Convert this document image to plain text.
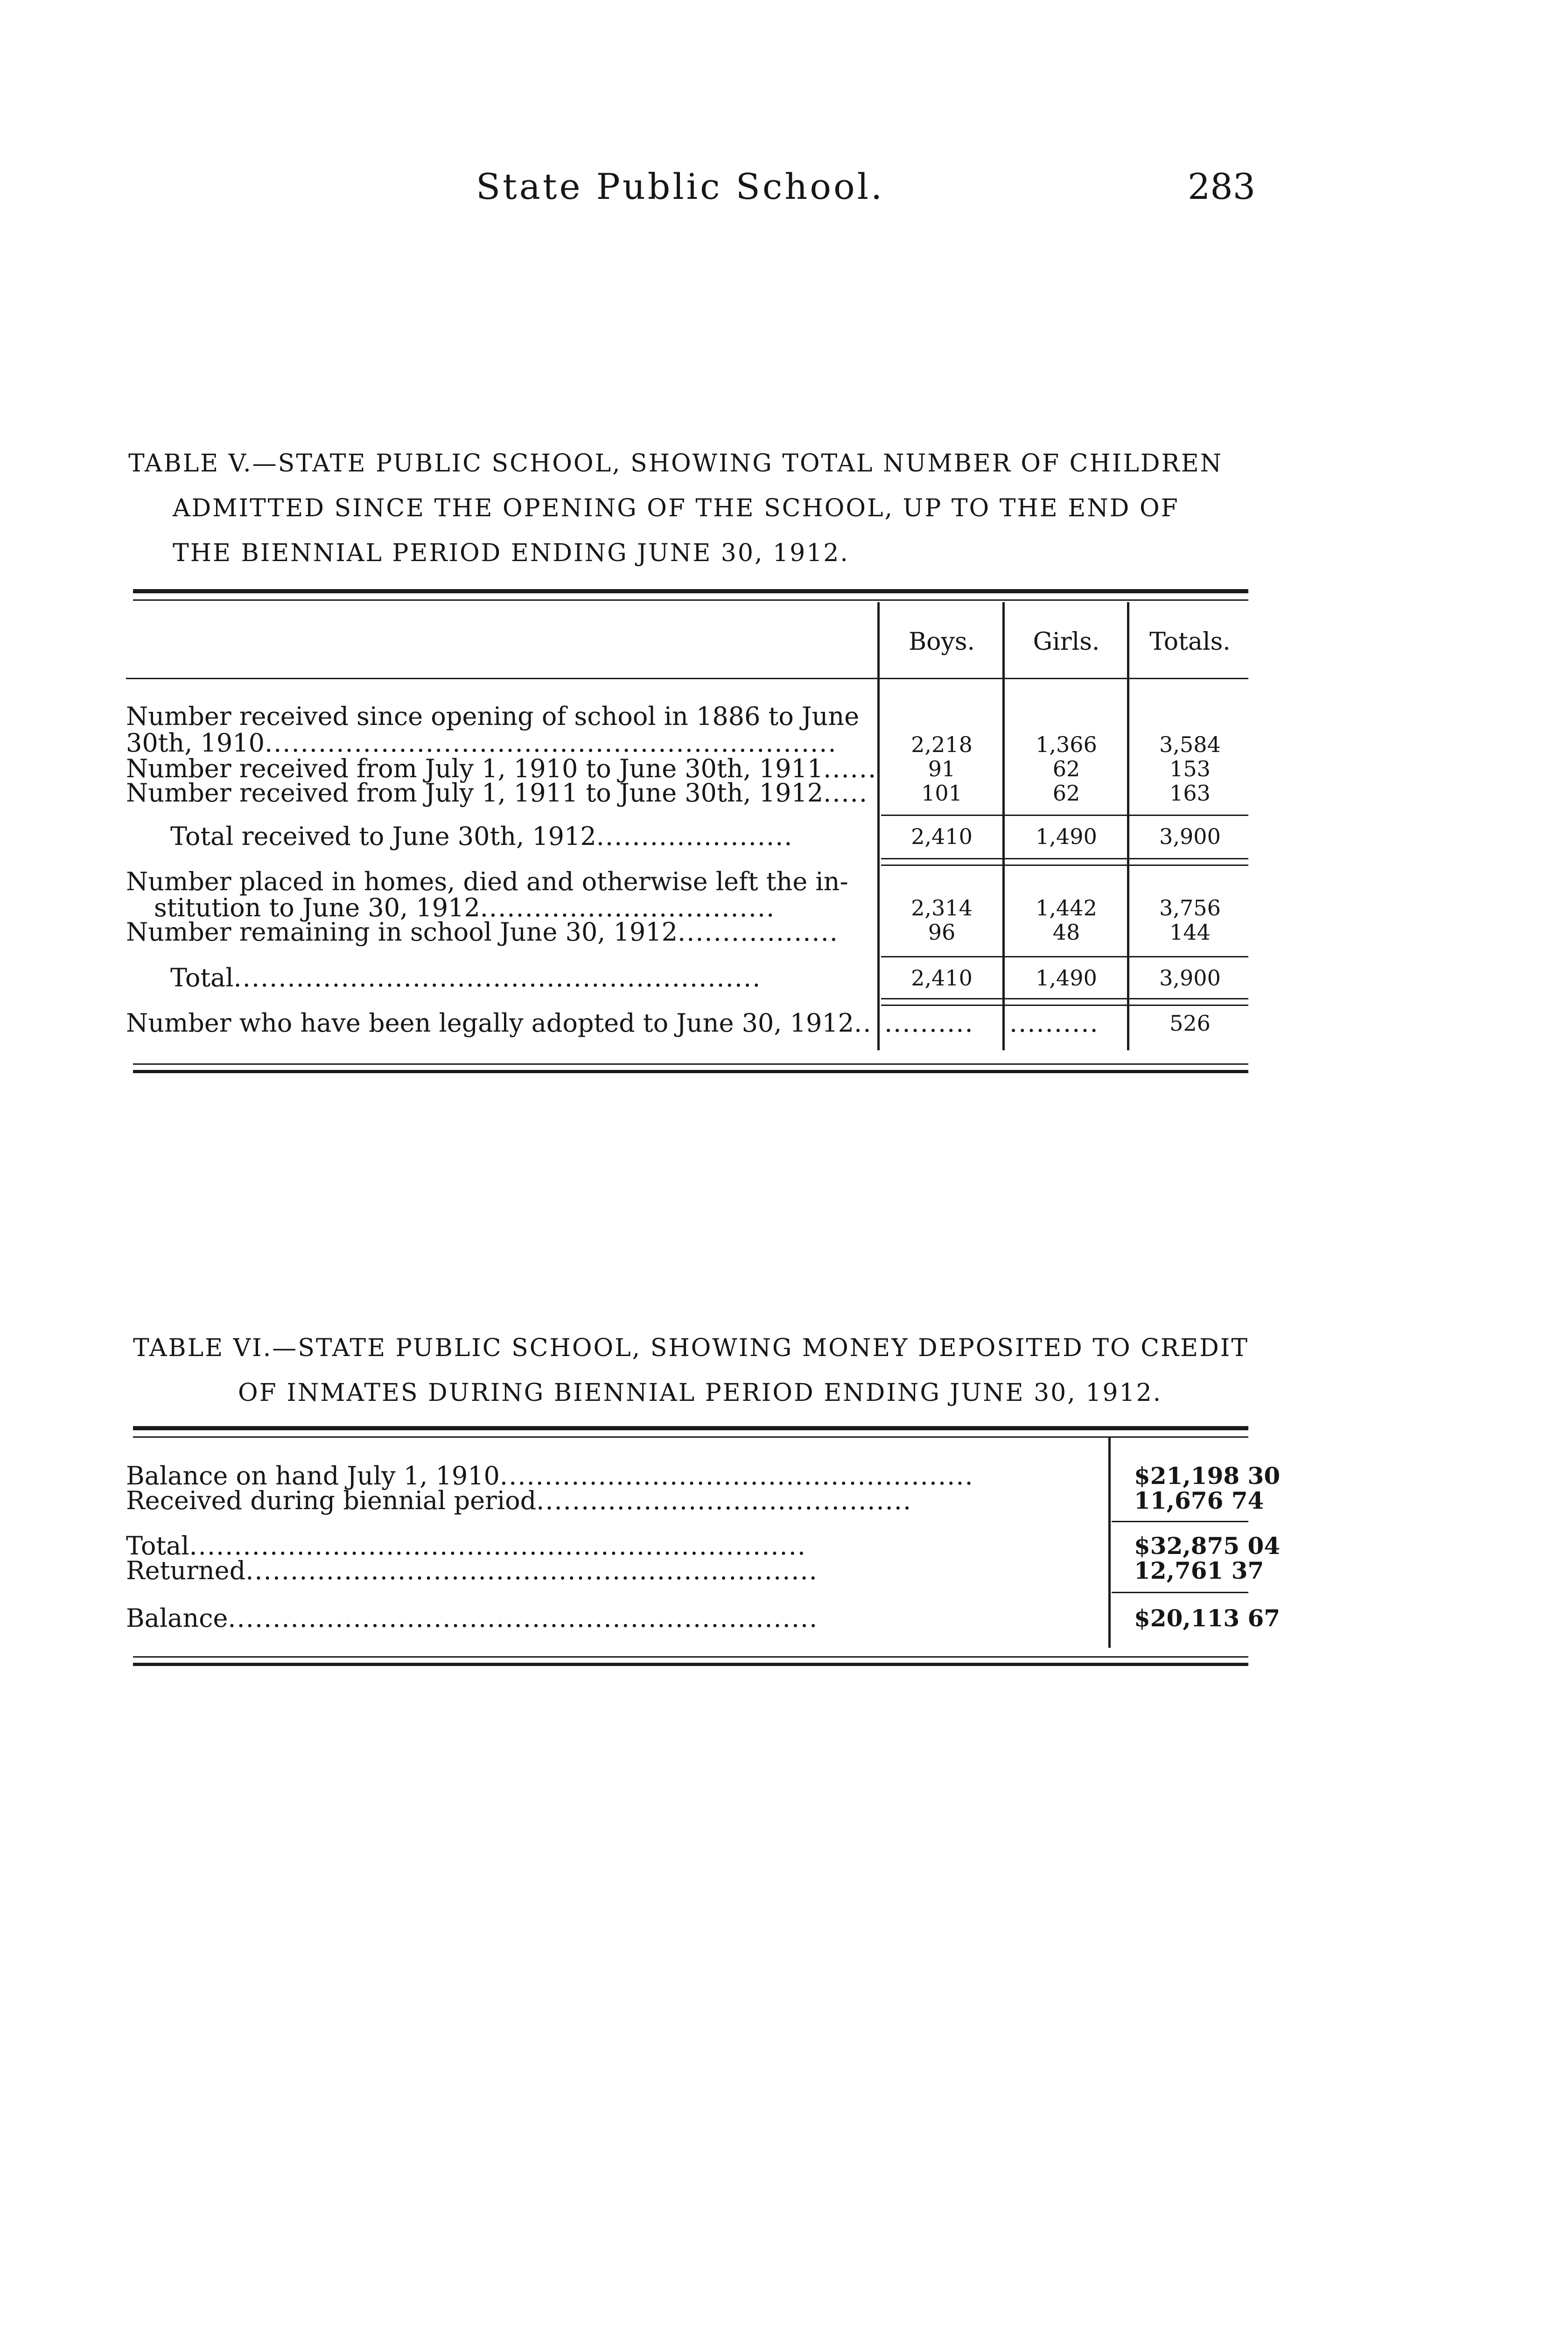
State Public School.	283
TABLE V.—STATE PUBLIC SCHOOL, SHOWING TOTAL NUMBER OF CHILDREN
ADMITTED SINCE THE OPENING OF THE SCHOOL, UP TO THE END OF
THE BIENNIAL PERIOD ENDING JUNE 30, 1912.
Boys.	Girls.	Totals.
Number received since opening of school in 1886 to June
30th, 1910................................................................	2,218	1,366	3,584
Number received from July 1, 1910 to June 30th, 1911......	91	62	153
Number received from July 1, 1911 to June 30th, 1912.....	101	62	163
Total received to June 30th, 1912......................	2,410	1,490	3,900
Number placed in homes, died and otherwise left the in-
stitution to June 30, 1912.................................	2,314	1,442	3,756
Number remaining in school June 30, 1912..................	96	48	144
Total...........................................................	2,410	1,490	3,900
Number who have been legally adopted to June 30, 1912.. .......... ..........	526
TABLE VI.—STATE PUBLIC SCHOOL, SHOWING MONEY DEPOSITED TO CREDIT
OF INMATES DURING BIENNIAL PERIOD ENDING JUNE 30, 1912.
Balance on hand July 1, 1910.....................................................	$21,198 30
Received during biennial period..........................................	11,676 74
Total.....................................................................	$32,875 04
Returned................................................................	12,761 37
Balance..................................................................	$20,113 67
